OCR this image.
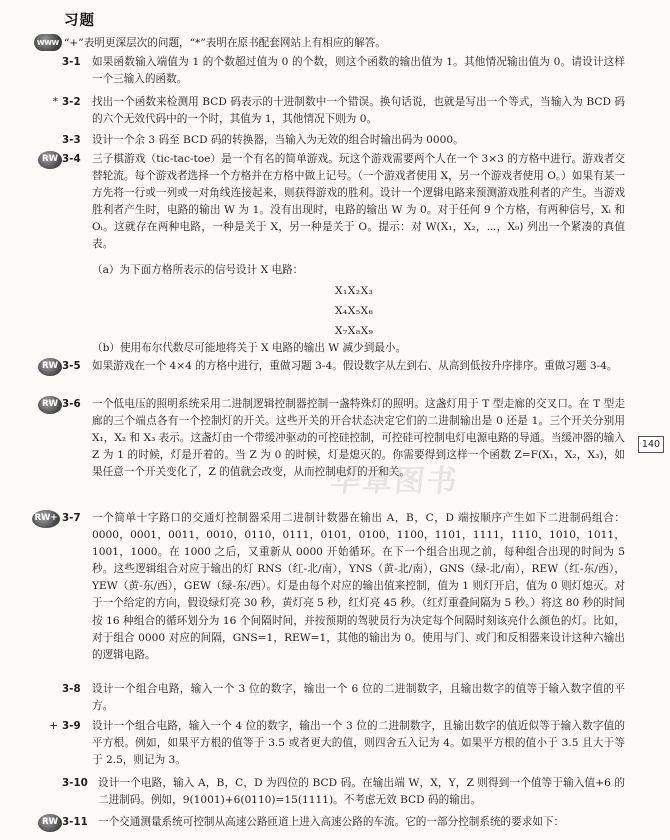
习题
WWW “+”表明更深层次的问题，“*”表明在原书配套网站上有相应的解答。
3-1	如果函数输入端值为 1 的个数超过值为 0 的个数，则这个函数的输出值为 1。其他情况输出值为 0。请设计这样一个三输入的函数。
* 3-2	找出一个函数来检测用 BCD 码表示的十进制数中一个错误。换句话说，也就是写出一个等式，当输入为 BCD 码的六个无效代码中的一个时，其值为 1，其他情况下则为 0。
3-3	设计一个余 3 码至 BCD 码的转换器，当输入为无效的组合时输出码为 0000。
RW 3-4	三子棋游戏（tic-tac-toe）是一个有名的简单游戏。玩这个游戏需要两个人在一个 3×3 的方格中进行。游戏者交替轮流。每个游戏者选择一个方格并在方格中做上记号。（一个游戏者使用 X，另一个游戏者使用 O。）如果有某一方先将一行或一列或一对角线连接起来，则获得游戏的胜利。设计一个逻辑电路来预测游戏胜利者的产生。当游戏胜利者产生时，电路的输出 W 为 1。没有出现时，电路的输出 W 为 0。对于任何 9 个方格，有两种信号，Xᵢ 和 Oᵢ。这就存在两种电路，一种是关于 X，另一种是关于 O。提示：对 W(X₁，X₂，⋯，X₉) 列出一个紧凑的真值表。
（a）为下面方格所表示的信号设计 X 电路：
X₁X₂X₃
X₄X₅X₆
X₇X₈X₉
（b）使用布尔代数尽可能地将关于 X 电路的输出 W 减少到最小。
RW 3-5	如果游戏在一个 4×4 的方格中进行，重做习题 3-4。假设数字从左到右、从高到低按升序排序。重做习题 3-4。
RW 3-6	一个低电压的照明系统采用二进制逻辑控制器控制一盏特殊灯的照明。这盏灯用于 T 型走廊的交叉口。在 T 型走廊的三个端点各有一个控制灯的开关。这些开关的开合状态决定它们的二进制输出是 0 还是 1。三个开关分别用 X₁，X₂ 和 X₃ 表示。这盏灯由一个带缓冲驱动的可控硅控制，可控硅可控制电灯电源电路的导通。当缓冲器的输入 Z 为 1 的时候，灯是开着的。当 Z 为 0 的时候，灯是熄灭的。你需要得到这样一个函数 Z=F(X₁，X₂，X₃)，如果任意一个开关变化了，Z 的值就会改变，从而控制电灯的开和关。
RW+ 3-7	一个简单十字路口的交通灯控制器采用二进制计数器在输出 A，B，C，D 端按顺序产生如下二进制码组合：0000，0001，0011，0010，0110，0111，0101，0100，1100，1101，1111，1110，1010，1011，1001，1000。在 1000 之后，又重新从 0000 开始循环。在下一个组合出现之前，每种组合出现的时间为 5 秒。这些逻辑组合对应于输出的灯 RNS（红-北/南），YNS（黄-北/南），GNS（绿-北/南），REW（红-东/西），YEW（黄-东/西），GEW（绿-东/西）。灯是由每个对应的输出值来控制，值为 1 则灯开启，值为 0 则灯熄灭。对于一个给定的方向，假设绿灯亮 30 秒，黄灯亮 5 秒，红灯亮 45 秒。（红灯重叠间隔为 5 秒。）将这 80 秒的时间按 16 种组合的循环划分为 16 个间隔时间，并按预期的驾驶员行为决定每个间隔时刻该亮什么颜色的灯。比如，对于组合 0000 对应的间隔，GNS=1，REW=1，其他的输出为 0。使用与门、或门和反相器来设计这种六输出的逻辑电路。
3-8	设计一个组合电路，输入一个 3 位的数字，输出一个 6 位的二进制数字，且输出数字的值等于输入数字值的平方。
+ 3-9	设计一个组合电路，输入一个 4 位的数字，输出一个 3 位的二进制数字，且输出数字的值近似等于输入数字值的平方根。例如，如果平方根的值等于 3.5 或者更大的值，则四舍五入记为 4。如果平方根的值小于 3.5 且大于等于 2.5，则记为 3。
3-10 设计一个电路，输入 A，B，C，D 为四位的 BCD 码。在输出端 W，X，Y，Z 则得到一个值等于输入值+6 的二进制码。例如，9(1001)+6(0110)=15(1111)。不考虑无效 BCD 码的输出。
RW 3-11 一个交通测量系统可控制从高速公路匝道上进入高速公路的车流。它的一部分控制系统的要求如下：
140
华章图书
